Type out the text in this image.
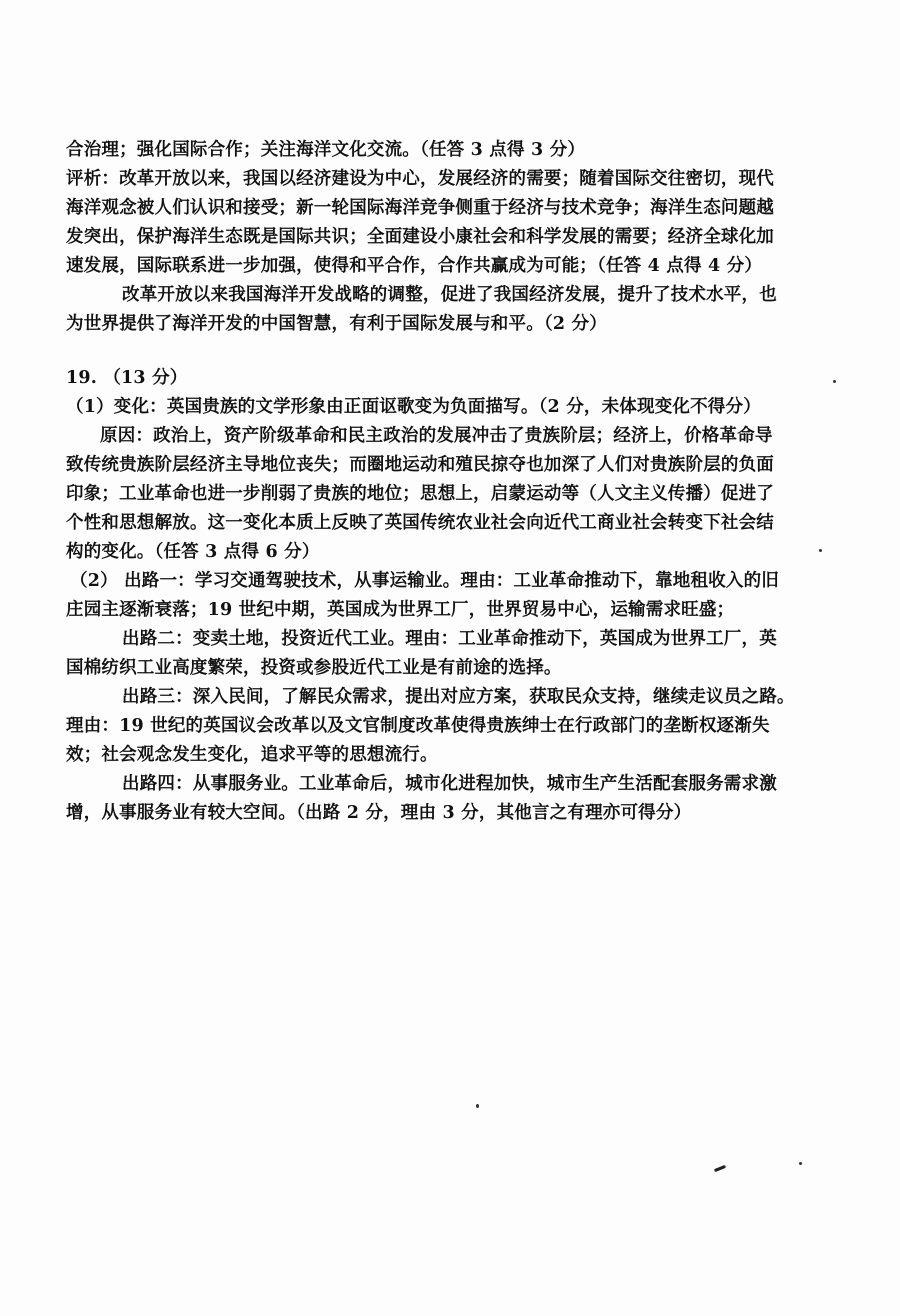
合治理；强化国际合作；关注海洋文化交流。（任答 3 点得 3 分）
评析：改革开放以来，我国以经济建设为中心，发展经济的需要；随着国际交往密切，现代
海洋观念被人们认识和接受；新一轮国际海洋竞争侧重于经济与技术竞争；海洋生态问题越
发突出，保护海洋生态既是国际共识；全面建设小康社会和科学发展的需要；经济全球化加
速发展，国际联系进一步加强，使得和平合作，合作共赢成为可能；（任答 4 点得 4 分）
改革开放以来我国海洋开发战略的调整，促进了我国经济发展，提升了技术水平，也
为世界提供了海洋开发的中国智慧，有利于国际发展与和平。（2 分）
19. （13 分）
（1）变化：英国贵族的文学形象由正面讴歌变为负面描写。（2 分，未体现变化不得分）
原因：政治上，资产阶级革命和民主政治的发展冲击了贵族阶层；经济上，价格革命导
致传统贵族阶层经济主导地位丧失；而圈地运动和殖民掠夺也加深了人们对贵族阶层的负面
印象；工业革命也进一步削弱了贵族的地位；思想上，启蒙运动等（人文主义传播）促进了
个性和思想解放。这一变化本质上反映了英国传统农业社会向近代工商业社会转变下社会结
构的变化。（任答 3 点得 6 分）
（2） 出路一：学习交通驾驶技术，从事运输业。理由：工业革命推动下，靠地租收入的旧
庄园主逐渐衰落；19 世纪中期，英国成为世界工厂，世界贸易中心，运输需求旺盛；
出路二：变卖土地，投资近代工业。理由：工业革命推动下，英国成为世界工厂，英
国棉纺织工业高度繁荣，投资或参股近代工业是有前途的选择。
出路三：深入民间，了解民众需求，提出对应方案，获取民众支持，继续走议员之路。
理由：19 世纪的英国议会改革以及文官制度改革使得贵族绅士在行政部门的垄断权逐渐失
效；社会观念发生变化，追求平等的思想流行。
出路四：从事服务业。工业革命后，城市化进程加快，城市生产生活配套服务需求激
增，从事服务业有较大空间。（出路 2 分，理由 3 分，其他言之有理亦可得分）
